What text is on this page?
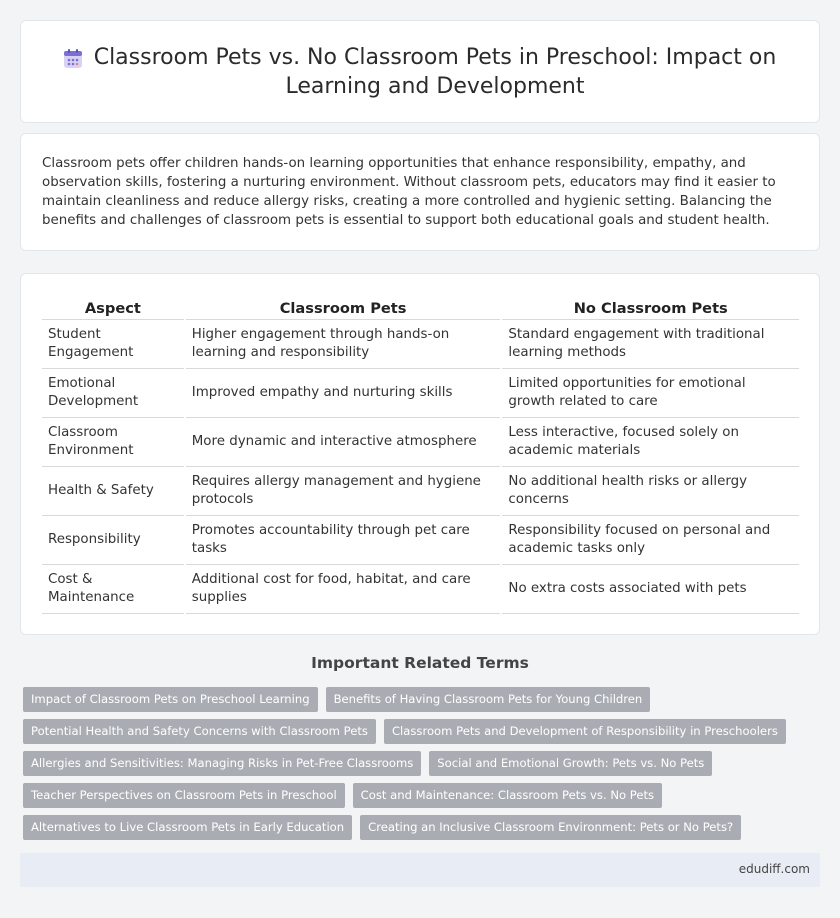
Classroom Pets vs. No Classroom Pets in Preschool: Impact on Learning and Development

Classroom pets offer children hands-on learning opportunities that enhance responsibility, empathy, and observation skills, fostering a nurturing environment. Without classroom pets, educators may find it easier to maintain cleanliness and reduce allergy risks, creating a more controlled and hygienic setting. Balancing the benefits and challenges of classroom pets is essential to support both educational goals and student health.

Aspect	Classroom Pets	No Classroom Pets
Student Engagement	Higher engagement through hands-on learning and responsibility	Standard engagement with traditional learning methods
Emotional Development	Improved empathy and nurturing skills	Limited opportunities for emotional growth related to care
Classroom Environment	More dynamic and interactive atmosphere	Less interactive, focused solely on academic materials
Health & Safety	Requires allergy management and hygiene protocols	No additional health risks or allergy concerns
Responsibility	Promotes accountability through pet care tasks	Responsibility focused on personal and academic tasks only
Cost & Maintenance	Additional cost for food, habitat, and care supplies	No extra costs associated with pets
Important Related Terms
Impact of Classroom Pets on Preschool Learning	Benefits of Having Classroom Pets for Young Children
Potential Health and Safety Concerns with Classroom Pets	Classroom Pets and Development of Responsibility in Preschoolers
Allergies and Sensitivities: Managing Risks in Pet-Free Classrooms	Social and Emotional Growth: Pets vs. No Pets
Teacher Perspectives on Classroom Pets in Preschool	Cost and Maintenance: Classroom Pets vs. No Pets
Alternatives to Live Classroom Pets in Early Education	Creating an Inclusive Classroom Environment: Pets or No Pets?
edudiff.com
